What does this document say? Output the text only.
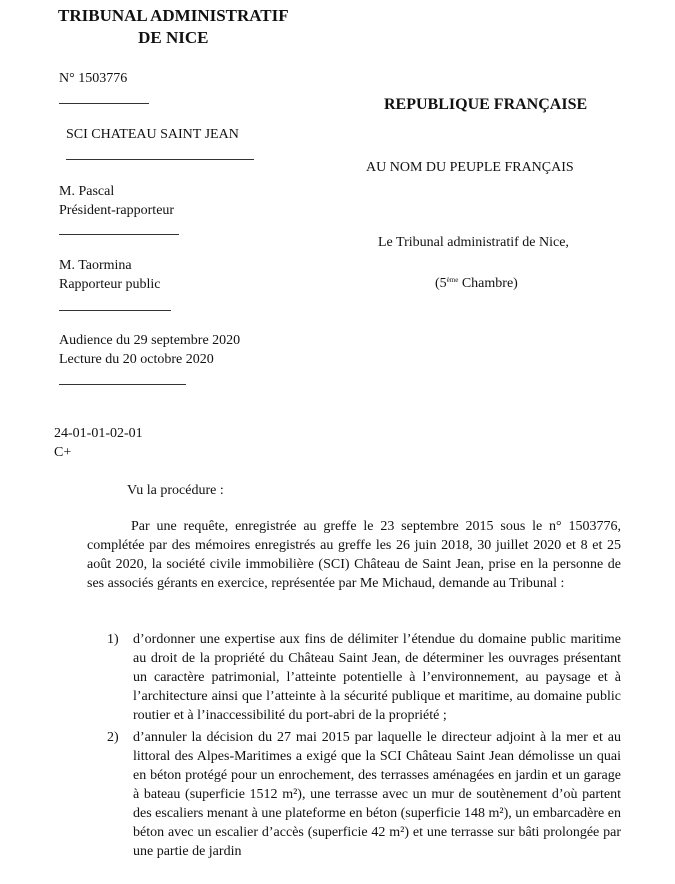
TRIBUNAL ADMINISTRATIF
DE NICE
N° 1503776
SCI CHATEAU SAINT JEAN
M. Pascal
Président-rapporteur
M. Taormina
Rapporteur public
Audience du 29 septembre 2020
Lecture du 20 octobre 2020
24-01-01-02-01
C+
REPUBLIQUE FRANÇAISE
AU NOM DU PEUPLE FRANÇAIS
Le Tribunal administratif de Nice,
(5ème Chambre)
Vu la procédure :
Par une requête, enregistrée au greffe le 23 septembre 2015 sous le n° 1503776, complétée par des mémoires enregistrés au greffe les 26 juin 2018, 30 juillet 2020 et 8 et 25 août 2020, la société civile immobilière (SCI) Château de Saint Jean, prise en la personne de ses associés gérants en exercice, représentée par Me Michaud, demande au Tribunal :
1) d’ordonner une expertise aux fins de délimiter l’étendue du domaine public maritime au droit de la propriété du Château Saint Jean, de déterminer les ouvrages présentant un caractère patrimonial, l’atteinte potentielle à l’environnement, au paysage et à l’architecture ainsi que l’atteinte à la sécurité publique et maritime, au domaine public routier et à l’inaccessibilité du port-abri de la propriété ;
2) d’annuler la décision du 27 mai 2015 par laquelle le directeur adjoint à la mer et au littoral des Alpes-Maritimes a exigé que la SCI Château Saint Jean démolisse un quai en béton protégé pour un enrochement, des terrasses aménagées en jardin et un garage à bateau (superficie 1512 m²), une terrasse avec un mur de soutènement d’où partent des escaliers menant à une plateforme en béton (superficie 148 m²), un embarcadère en béton avec un escalier d’accès (superficie 42 m²) et une terrasse sur bâti prolongée par une partie de jardin
